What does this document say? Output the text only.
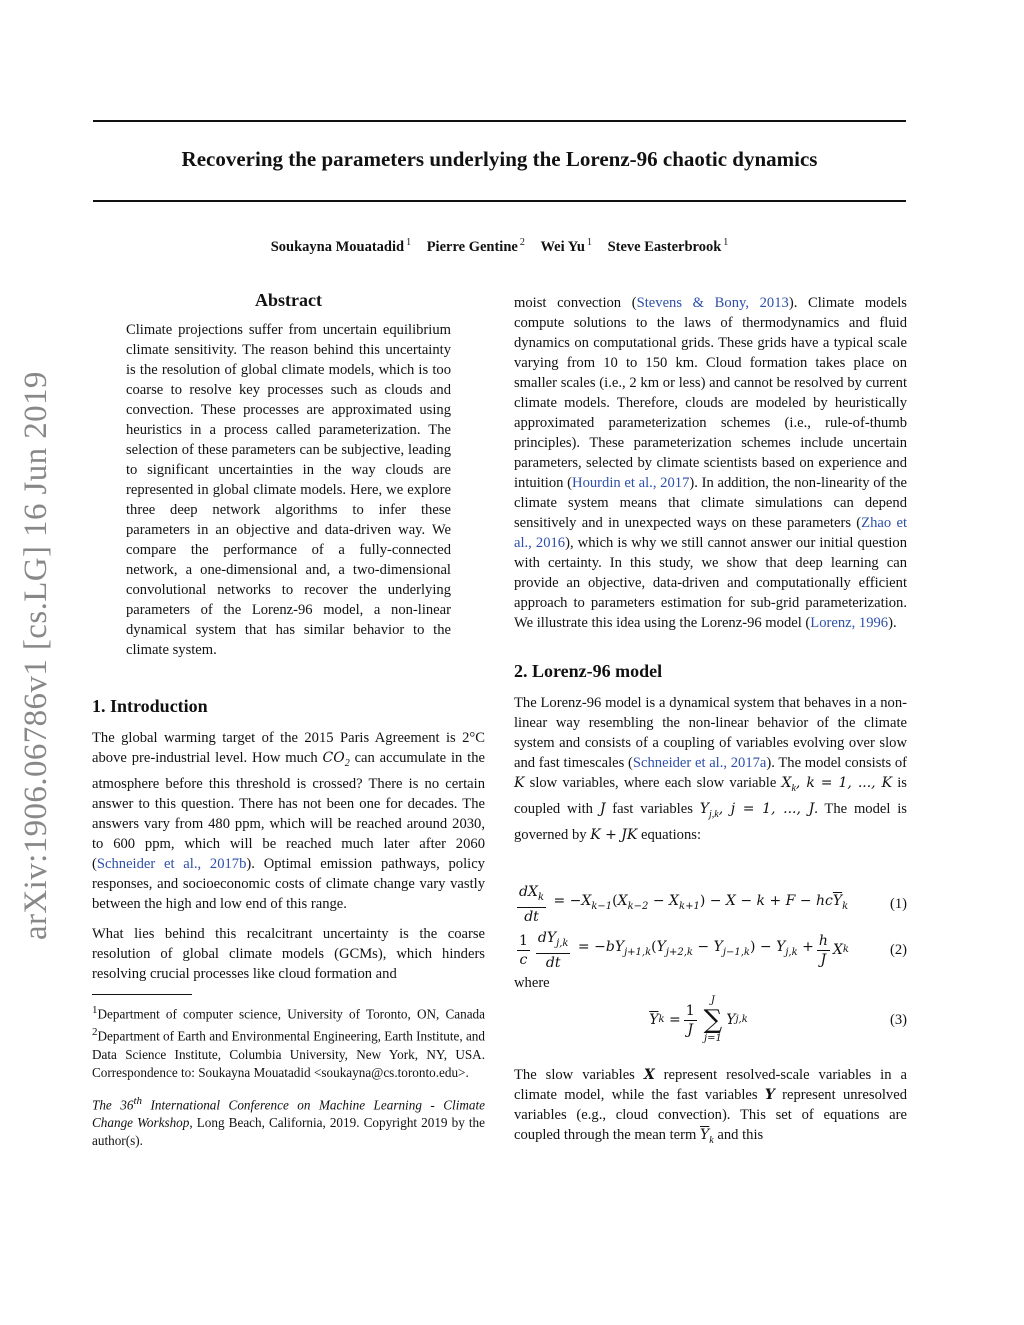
arXiv:1906.06786v1 [cs.LG] 16 Jun 2019
Recovering the parameters underlying the Lorenz-96 chaotic dynamics
Soukayna Mouatadid $^1$ Pierre Gentine $^2$ Wei Yu $^1$ Steve Easterbrook $^1$
Abstract

Climate projections suffer from uncertain equilibrium climate sensitivity. The reason behind this uncertainty is the resolution of global climate models, which is too coarse to resolve key processes such as clouds and convection. These processes are approximated using heuristics in a process called parameterization. The selection of these parameters can be subjective, leading to significant uncertainties in the way clouds are represented in global climate models. Here, we explore three deep network algorithms to infer these parameters in an objective and data-driven way. We compare the performance of a fully-connected network, a one-dimensional and, a two-dimensional convolutional networks to recover the underlying parameters of the Lorenz-96 model, a non-linear dynamical system that has similar behavior to the climate system.

1. Introduction

The global warming target of the 2015 Paris Agreement is 2°C above pre-industrial level. How much $CO_2$ can accumulate in the atmosphere before this threshold is crossed? There is no certain answer to this question. There has not been one for decades. The answers vary from 480 ppm, which will be reached around 2030, to 600 ppm, which will be reached much later after 2060 (Schneider et al., 2017b). Optimal emission pathways, policy responses, and socioeconomic costs of climate change vary vastly between the high and low end of this range.

What lies behind this recalcitrant uncertainty is the coarse resolution of global climate models (GCMs), which hinders resolving crucial processes like cloud formation and

$^1$Department of computer science, University of Toronto, ON, Canada $^2$Department of Earth and Environmental Engineering, Earth Institute, and Data Science Institute, Columbia University, New York, NY, USA. Correspondence to: Soukayna Mouatadid <soukayna@cs.toronto.edu>.

The 36th International Conference on Machine Learning - Climate Change Workshop, Long Beach, California, 2019. Copyright 2019 by the author(s).

moist convection (Stevens & Bony, 2013). Climate models compute solutions to the laws of thermodynamics and fluid dynamics on computational grids. These grids have a typical scale varying from 10 to 150 km. Cloud formation takes place on smaller scales (i.e., 2 km or less) and cannot be resolved by current climate models. Therefore, clouds are modeled by heuristically approximated parameterization schemes (i.e., rule-of-thumb principles). These parameterization schemes include uncertain parameters, selected by climate scientists based on experience and intuition (Hourdin et al., 2017). In addition, the non-linearity of the climate system means that climate simulations can depend sensitively and in unexpected ways on these parameters (Zhao et al., 2016), which is why we still cannot answer our initial question with certainty. In this study, we show that deep learning can provide an objective, data-driven and computationally efficient approach to parameters estimation for sub-grid parameterization. We illustrate this idea using the Lorenz-96 model (Lorenz, 1996).

2. Lorenz-96 model

The Lorenz-96 model is a dynamical system that behaves in a non-linear way resembling the non-linear behavior of the climate system and consists of a coupling of variables evolving over slow and fast timescales (Schneider et al., 2017a). The model consists of K slow variables, where each slow variable $X_k$, k = 1, ..., K is coupled with J fast variables $Y_{j,k}$, j = 1, ..., J. The model is governed by K + JK equations:

$\frac{dX_k}{dt} = -X_{k-1}(X_{k-2} - X_{k+1}) - X - k + F - hc\overline{Y}_k$	(1)
$\frac{1}{c} \frac{dY_{j,k}}{dt} = -bY_{j+1,k}(Y_{j+2,k} - Y_{j-1,k}) - Y_{j,k} + \frac{h}{J}$ X k	(2)
where
$\overline{Y}$ $k = \frac{1}{J}$
J
∑
j=1
Y j,k	(3)

The slow variables X represent resolved-scale variables in a climate model, while the fast variables Y represent unresolved variables (e.g., cloud convection). This set of equations are coupled through the mean term $\overline{Y}_k$ and this
